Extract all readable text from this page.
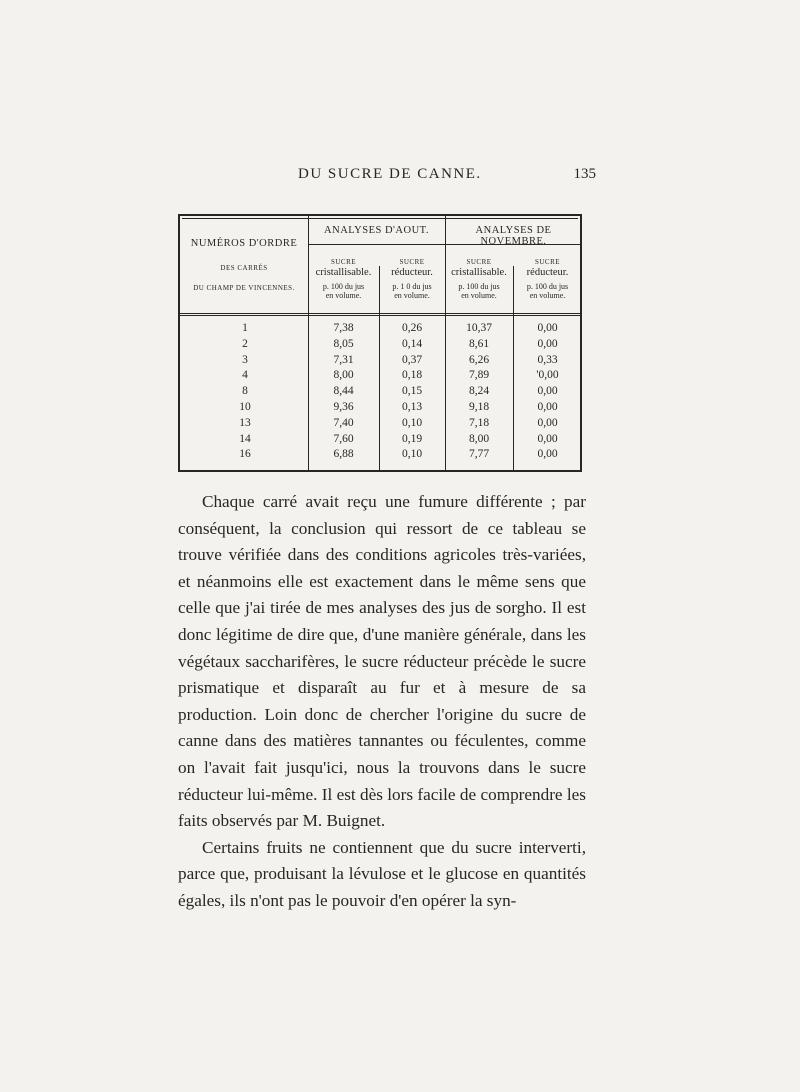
DU SUCRE DE CANNE.	135
NUMÉROS D'ORDRE
DES CARRÉS
DU CHAMP DE VINCENNES.
ANALYSES D'AOUT.	ANALYSES DE NOVEMBRE.
SUCRE
cristallisable.
p. 100 du jus
en volume.
SUCRE
réducteur.
p. 1 0 du jus
en volume.
SUCRE
cristallisable.
p. 100 du jus
en volume.
SUCRE
réducteur.
p. 100 du jus
en volume.
1
2
3
4
8
10
13
14
16
7,38
8,05
7,31
8,00
8,44
9,36
7,40
7,60
6,88
0,26
0,14
0,37
0,18
0,15
0,13
0,10
0,19
0,10
10,37
8,61
6,26
7,89
8,24
9,18
7,18
8,00
7,77
0,00
0,00
0,33
'0,00
0,00
0,00
0,00
0,00
0,00

Chaque carré avait reçu une fumure différente ; par conséquent, la conclusion qui ressort de ce tableau se trouve vérifiée dans des conditions agricoles très-variées, et néanmoins elle est exactement dans le même sens que celle que j'ai tirée de mes analyses des jus de sorgho. Il est donc légitime de dire que, d'une manière générale, dans les végétaux saccharifères, le sucre réducteur précède le sucre prismatique et disparaît au fur et à mesure de sa production. Loin donc de chercher l'origine du sucre de canne dans des matières tannantes ou féculentes, comme on l'avait fait jusqu'ici, nous la trouvons dans le sucre réducteur lui-même. Il est dès lors facile de comprendre les faits observés par M. Buignet.

Certains fruits ne contiennent que du sucre interverti, parce que, produisant la lévulose et le glucose en quantités égales, ils n'ont pas le pouvoir d'en opérer la syn-
